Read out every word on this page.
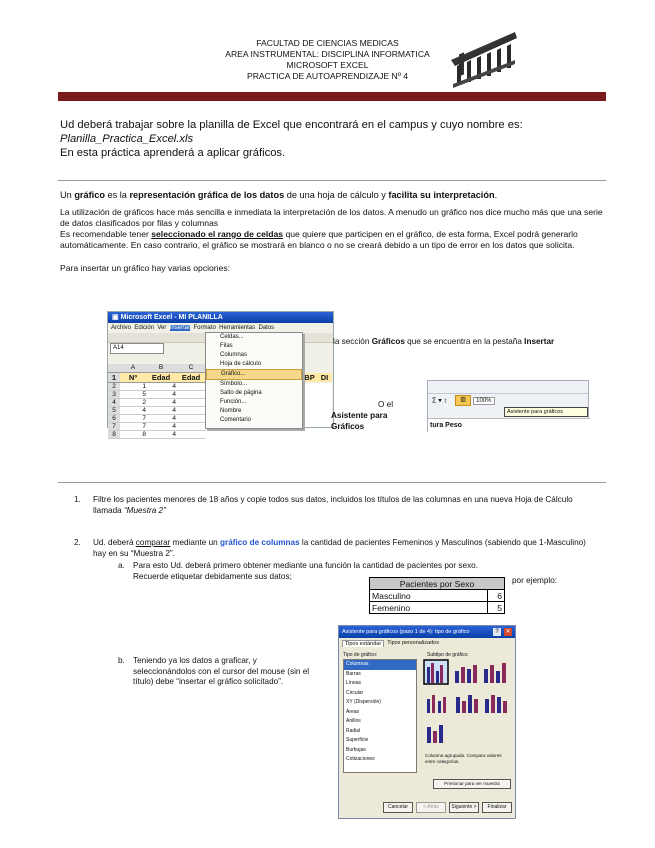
FACULTAD DE CIENCIAS MEDICAS
AREA INSTRUMENTAL: DISCIPLINA INFORMATICA
MICROSOFT EXCEL
PRACTICA DE AUTOAPRENDIZAJE Nº 4
Ud deberá trabajar sobre la planilla de Excel que encontrará en el campus y cuyo nombre es:
Planilla_Practica_Excel.xls
En esta práctica aprenderá a aplicar gráficos.
Un gráfico es la representación gráfica de los datos de una hoja de cálculo y facilita su interpretación.
La utilización de gráficos hace más sencilla e inmediata la interpretación de los datos. A menudo un gráfico nos dice mucho más que una serie de datos clasificados por filas y columnas
Es recomendable tener seleccionado el rango de celdas que quiere que participen en el gráfico, de esta forma, Excel podrá generarlo automáticamente. En caso contrario, el gráfico se mostrará en blanco o no se creará debido a un tipo de error en los datos que solicita.
Para insertar un gráfico hay varias opciones:
▣ Microsoft Excel - MI PLANILLA
Archivo Edición Ver Insertar Formato Herramientas Datos
A14
A	B	C
1	Nº	Edad	Edad
2	1	4
3	5	4
4	2	4
5	4	4
6	7	4
7	7	4
8	8	4
BP DI
Celdas...
Filas
Columnas
Hoja de cálculo
Gráfico...
Símbolo...
Salto de página
Función...
Nombre
Comentario
la sección Gráficos que se encuentra en la pestaña Insertar
O el
Asistente para Gráficos
Σ ▾ ↕ ▥ 100%
Asistente para gráficos
tura Peso
1. Filtre los pacientes menores de 18 años y copie todos sus datos, incluidos los títulos de las columnas en una nueva Hoja de Cálculo llamada “Muestra 2”
2. Ud. deberá comparar mediante un gráfico de columnas la cantidad de pacientes Femeninos y Masculinos (sabiendo que 1-Masculino) hay en su “Muestra 2”.
a. Para esto Ud. deberá primero obtener mediante una función la cantidad de pacientes por sexo.
Recuerde etiquetar debidamente sus datos;	por ejemplo:
Pacientes por Sexo	
Masculino	6
Femenino	5
b. Teniendo ya los datos a graficar, y seleccionándolos con el cursor del mouse (sin el título) debe “insertar el gráfico solicitado”.
Asistente para gráficos (paso 1 de 4): tipo de gráfico	?	✕
Tipos estándar	Tipos personalizados
Tipo de gráfico:	Subtipo de gráfico:
Columnas
Barras
Líneas
Circular
XY (Dispersión)
Áreas
Anillos
Radial
Superficie
Burbujas
Cotizaciones
Columna agrupada. Compara valores entre categorías.
Presionar para ver muestra
Cancelar	< Atrás	Siguiente >	Finalizar
